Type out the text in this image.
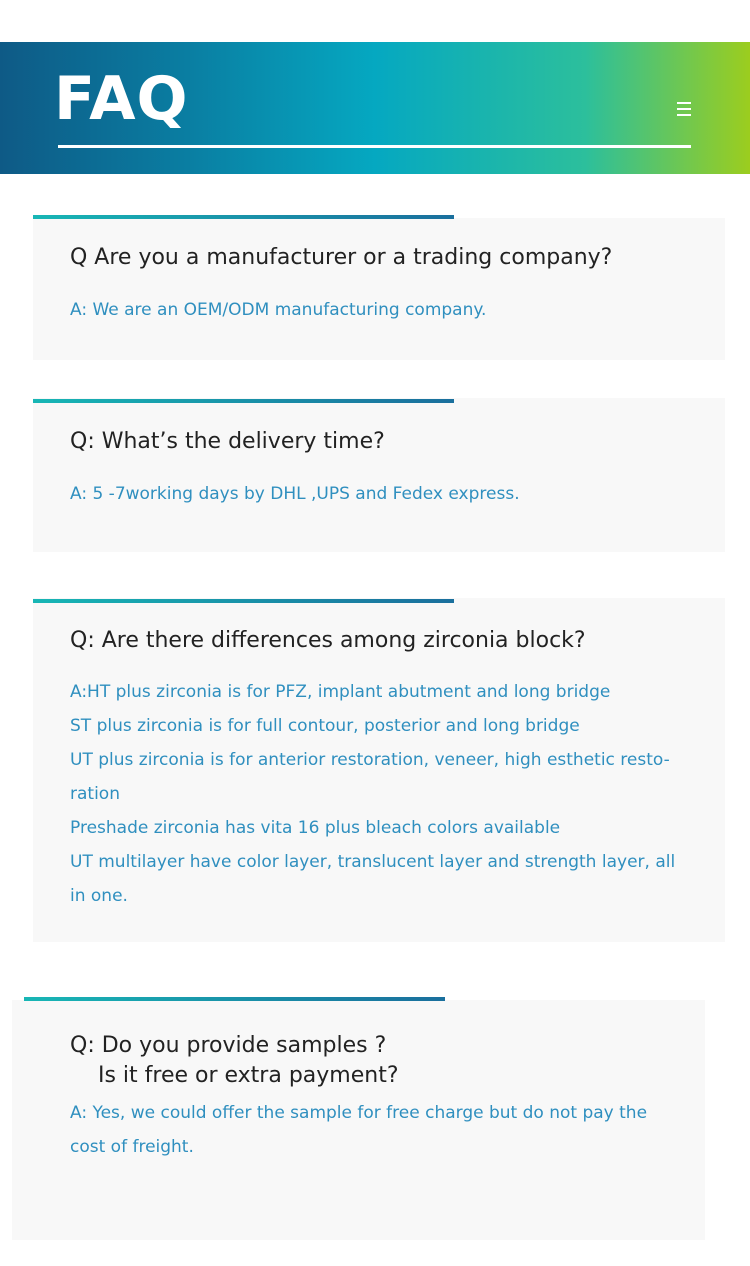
FAQ

Q Are you a manufacturer or a trading company?

A: We are an OEM/ODM manufacturing company.

Q: What’s the delivery time?

A: 5 -7working days by DHL ,UPS and Fedex express.

Q: Are there differences among zirconia block?

A:HT plus zirconia is for PFZ, implant abutment and long bridge

ST plus zirconia is for full contour, posterior and long bridge

UT plus zirconia is for anterior restoration, veneer, high esthetic resto-ration

Preshade zirconia has vita 16 plus bleach colors available

UT multilayer have color layer, translucent layer and strength layer, all in one.

Q: Do you provide samples ?
Is it free or extra payment?

A: Yes, we could offer the sample for free charge but do not pay the cost of freight.
